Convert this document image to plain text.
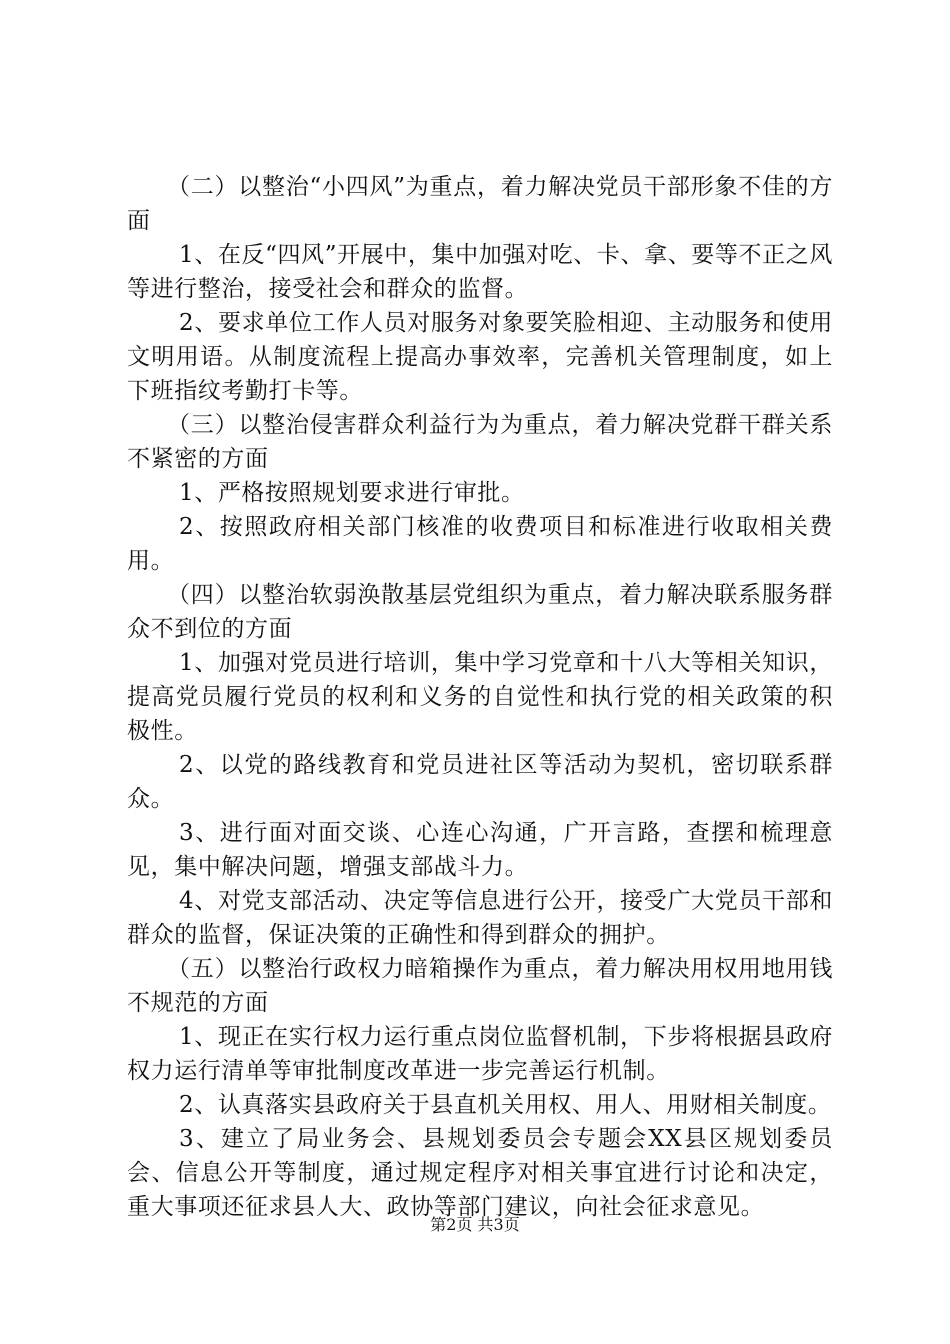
（二）以整治“小四风”为重点，着力解决党员干部形象不佳的方面

1、在反“四风”开展中，集中加强对吃、卡、拿、要等不正之风等进行整治，接受社会和群众的监督。

2、要求单位工作人员对服务对象要笑脸相迎、主动服务和使用文明用语。从制度流程上提高办事效率，完善机关管理制度，如上下班指纹考勤打卡等。

（三）以整治侵害群众利益行为为重点，着力解决党群干群关系不紧密的方面

1、严格按照规划要求进行审批。

2、按照政府相关部门核准的收费项目和标准进行收取相关费用。

（四）以整治软弱涣散基层党组织为重点，着力解决联系服务群众不到位的方面

1、加强对党员进行培训，集中学习党章和十八大等相关知识，提高党员履行党员的权利和义务的自觉性和执行党的相关政策的积极性。

2、以党的路线教育和党员进社区等活动为契机，密切联系群众。

3、进行面对面交谈、心连心沟通，广开言路，查摆和梳理意见，集中解决问题，增强支部战斗力。

4、对党支部活动、决定等信息进行公开，接受广大党员干部和群众的监督，保证决策的正确性和得到群众的拥护。

（五）以整治行政权力暗箱操作为重点，着力解决用权用地用钱不规范的方面

1、现正在实行权力运行重点岗位监督机制，下步将根据县政府权力运行清单等审批制度改革进一步完善运行机制。

2、认真落实县政府关于县直机关用权、用人、用财相关制度。

3、建立了局业务会、县规划委员会专题会XX县区规划委员会、信息公开等制度，通过规定程序对相关事宜进行讨论和决定，重大事项还征求县人大、政协等部门建议，向社会征求意见。

第2页 共3页
